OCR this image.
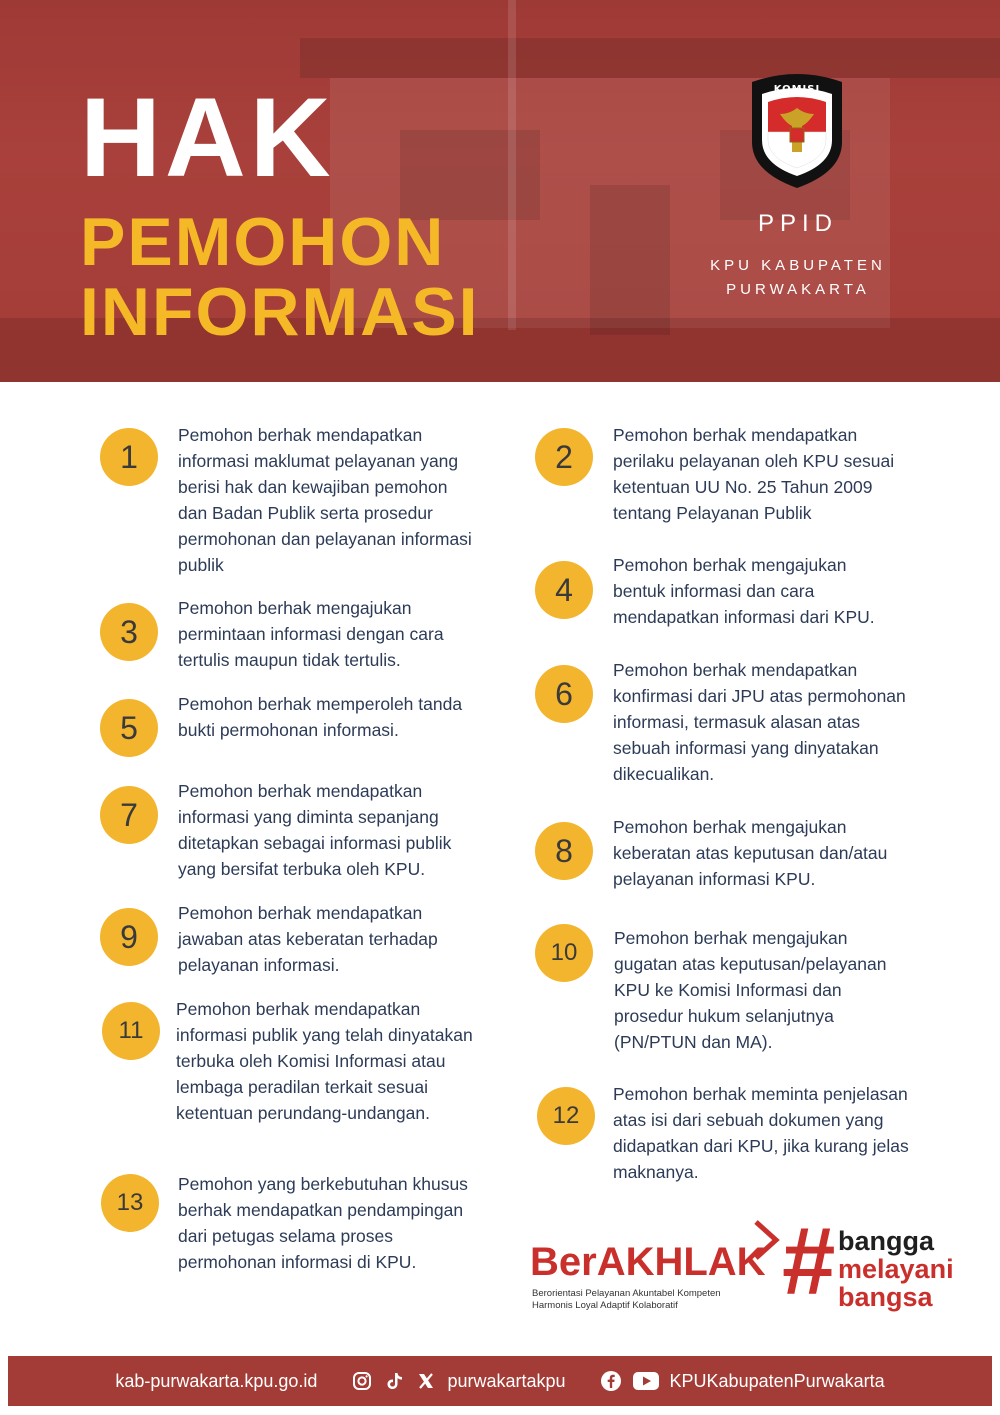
HAK
PEMOHON
INFORMASI
KOMISI
PPID
KPU KABUPATEN
PURWAKARTA
1
Pemohon berhak mendapatkan informasi maklumat pelayanan yang berisi hak dan kewajiban pemohon dan Badan Publik serta prosedur permohonan dan pelayanan informasi publik
2
Pemohon berhak mendapatkan perilaku pelayanan oleh KPU sesuai ketentuan UU No. 25 Tahun 2009 tentang Pelayanan Publik
3
Pemohon berhak mengajukan permintaan informasi dengan cara tertulis maupun tidak tertulis.
4
Pemohon berhak mengajukan bentuk informasi dan cara mendapatkan informasi dari KPU.
5
Pemohon berhak memperoleh tanda bukti permohonan informasi.
6
Pemohon berhak mendapatkan konfirmasi dari JPU atas permohonan informasi, termasuk alasan atas sebuah informasi yang dinyatakan dikecualikan.
7
Pemohon berhak mendapatkan informasi yang diminta sepanjang ditetapkan sebagai informasi publik yang bersifat terbuka oleh KPU.
8
Pemohon berhak mengajukan keberatan atas keputusan dan/atau pelayanan informasi KPU.
9
Pemohon berhak mendapatkan jawaban atas keberatan terhadap pelayanan informasi.	10
Pemohon berhak mengajukan gugatan atas keputusan/pelayanan KPU ke Komisi Informasi dan prosedur hukum selanjutnya (PN/PTUN dan MA).
11
Pemohon berhak mendapatkan informasi publik yang telah dinyatakan terbuka oleh Komisi Informasi atau lembaga peradilan terkait sesuai ketentuan perundang-undangan.	12
Pemohon berhak meminta penjelasan atas isi dari sebuah dokumen yang didapatkan dari KPU, jika kurang jelas maknanya.
13
Pemohon yang berkebutuhan khusus berhak mendapatkan pendampingan dari petugas selama proses permohonan informasi di KPU.	BerAKHLAK
Berorientasi Pelayanan Akuntabel Kompeten
Harmonis Loyal Adaptif Kolaboratif # bangga
melayani
bangsa
kab-purwakarta.kpu.go.id	purwakartakpu	KPUKabupatenPurwakarta
